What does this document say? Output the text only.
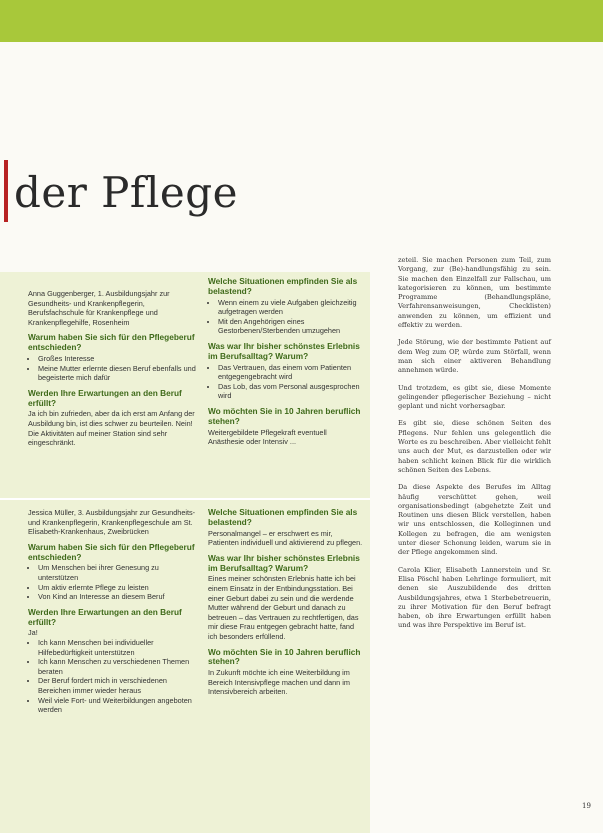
der Pflege

Anna Guggenberger, 1. Ausbildungsjahr zur Gesundheits- und Krankenpflegerin, Berufsfachschule für Krankenpflege und Krankenpflegehilfe, Rosenheim

Warum haben Sie sich für den Pflegeberuf entschieden?
• Großes Interesse
• Meine Mutter erlernte diesen Beruf ebenfalls und begeisterte mich dafür
Werden Ihre Erwartungen an den Beruf erfüllt?

Ja ich bin zufrieden, aber da ich erst am Anfang der Ausbildung bin, ist dies schwer zu beurteilen. Nein! Die Aktivitäten auf meiner Station sind sehr eingeschränkt.

Welche Situationen empfinden Sie als belastend?
• Wenn einem zu viele Aufgaben gleichzeitig aufgetragen werden
• Mit den Angehörigen eines Gestorbenen/Sterbenden umzugehen
Was war Ihr bisher schönstes Erlebnis im Berufsalltag? Warum?
• Das Vertrauen, das einem vom Patienten entgegengebracht wird
• Das Lob, das vom Personal ausgesprochen wird
Wo möchten Sie in 10 Jahren beruflich stehen?

Weitergebildete Pflegekraft eventuell Anästhesie oder Intensiv ...

Jessica Müller, 3. Ausbildungsjahr zur Gesundheits- und Krankenpflegerin, Krankenpflegeschule am St. Elisabeth-Krankenhaus, Zweibrücken

Warum haben Sie sich für den Pflegeberuf entschieden?
• Um Menschen bei ihrer Genesung zu unterstützen
• Um aktiv erlernte Pflege zu leisten
• Von Kind an Interesse an diesem Beruf
Werden Ihre Erwartungen an den Beruf erfüllt?

Ja!

• Ich kann Menschen bei individueller Hilfebedürftigkeit unterstützen
• Ich kann Menschen zu verschiedenen Themen beraten
• Der Beruf fordert mich in verschiedenen Bereichen immer wieder heraus
• Weil viele Fort- und Weiterbildungen angeboten werden
Welche Situationen empfinden Sie als belastend?

Personalmangel – er erschwert es mir, Patienten individuell und aktivierend zu pflegen.

Was war Ihr bisher schönstes Erlebnis im Berufsalltag? Warum?

Eines meiner schönsten Erlebnis hatte ich bei einem Einsatz in der Entbindungsstation. Bei einer Geburt dabei zu sein und die werdende Mutter während der Geburt und danach zu betreuen – das Vertrauen zu rechtfertigen, das mir diese Frau entgegen gebracht hatte, fand ich besonders erfüllend.

Wo möchten Sie in 10 Jahren beruflich stehen?

In Zukunft möchte ich eine Weiterbildung im Bereich Intensivpflege machen und dann im Intensivbereich arbeiten.

zeteil. Sie machen Personen zum Teil, zum Vorgang, zur (Be)-handlungsfähig zu sein. Sie machen den Einzelfall zur Fallschau, um kategorisieren zu können, um bestimmte Programme (Behandlungspläne, Verfahrensanweisungen, Checklisten) anwenden zu können, um effizient und effektiv zu werden.

Jede Störung, wie der bestimmte Patient auf dem Weg zum OP, würde zum Störfall, wenn man sich einer aktiveren Behandlung annehmen würde.

Und trotzdem, es gibt sie, diese Momente gelingender pflegerischer Beziehung – nicht geplant und nicht vorhersagbar.

Es gibt sie, diese schönen Seiten des Pflegens. Nur fehlen uns gelegentlich die Worte es zu beschreiben. Aber vielleicht fehlt uns auch der Mut, es darzustellen oder wir haben schlicht keinen Blick für die wirklich schönen Seiten des Lebens.

Da diese Aspekte des Berufes im Alltag häufig verschüttet gehen, weil organisationsbedingt (abgehetzte Zeit und Routinen uns diesen Blick verstellen, haben wir uns entschlossen, die Kolleginnen und Kollegen zu befragen, die am wenigsten unter dieser Schonung leiden, warum sie in der Pflege angekommen sind.

Carola Klier, Elisabeth Lannerstein und Sr. Elisa Pöschl haben Lehrlinge formuliert, mit denen sie Auszubildende des dritten Ausbildungsjahres, etwa 1 Sterbebetreuerin, zu ihrer Motivation für den Beruf befragt haben, ob ihre Erwartungen erfüllt haben und was ihre Perspektive im Beruf ist.

19
